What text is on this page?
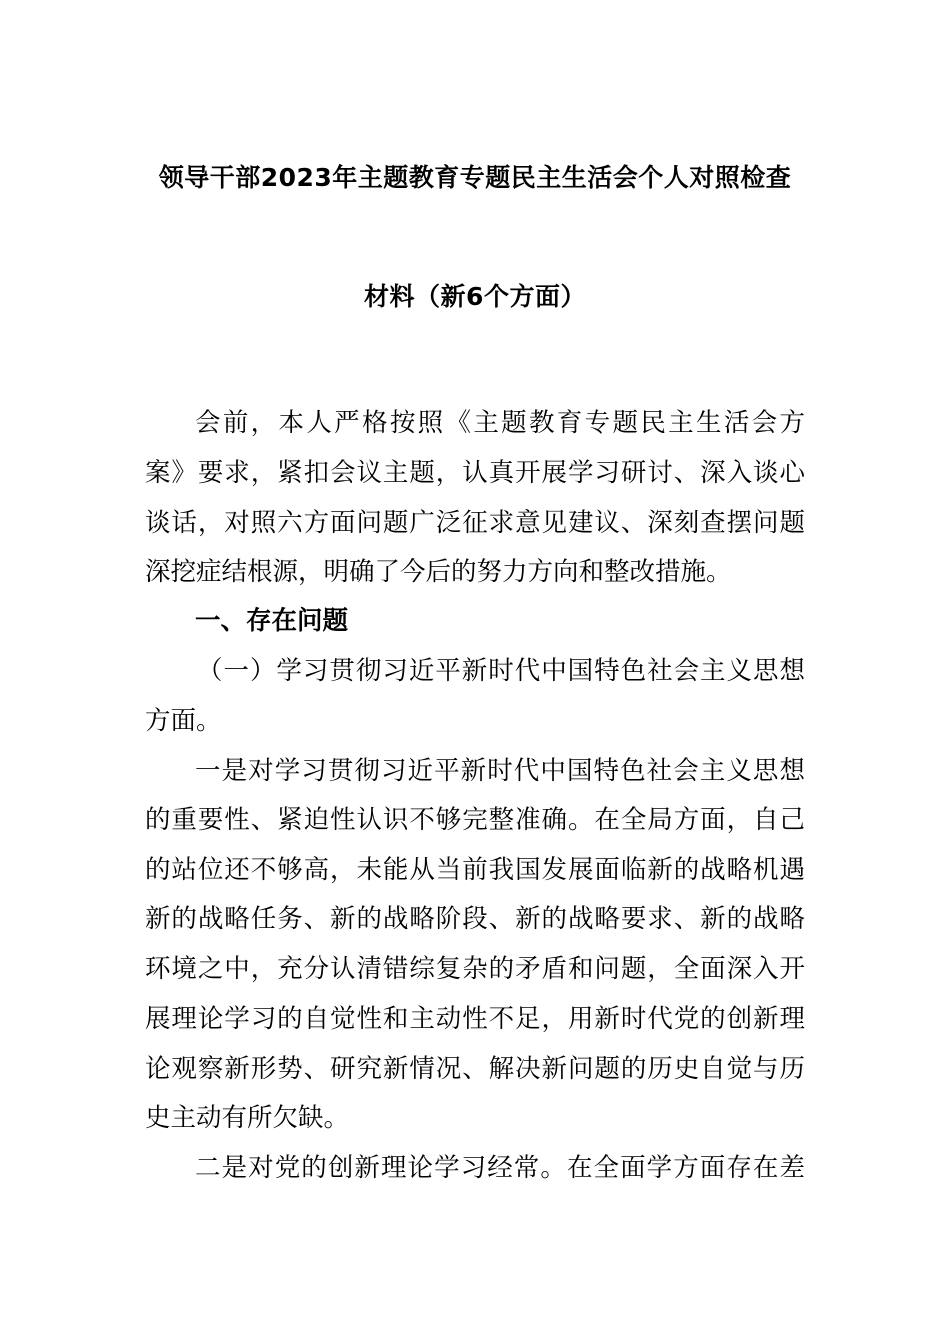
领导干部2023年主题教育专题民主生活会个人对照检查
材料（新6个方面）
会前，本人严格按照《主题教育专题民主生活会方
案》要求，紧扣会议主题，认真开展学习研讨、深入谈心
谈话，对照六方面问题广泛征求意见建议、深刻查摆问题
深挖症结根源，明确了今后的努力方向和整改措施。
一、存在问题
（一）学习贯彻习近平新时代中国特色社会主义思想
方面。
一是对学习贯彻习近平新时代中国特色社会主义思想
的重要性、紧迫性认识不够完整准确。在全局方面，自己
的站位还不够高，未能从当前我国发展面临新的战略机遇
新的战略任务、新的战略阶段、新的战略要求、新的战略
环境之中，充分认清错综复杂的矛盾和问题，全面深入开
展理论学习的自觉性和主动性不足，用新时代党的创新理
论观察新形势、研究新情况、解决新问题的历史自觉与历
史主动有所欠缺。
二是对党的创新理论学习经常。在全面学方面存在差
